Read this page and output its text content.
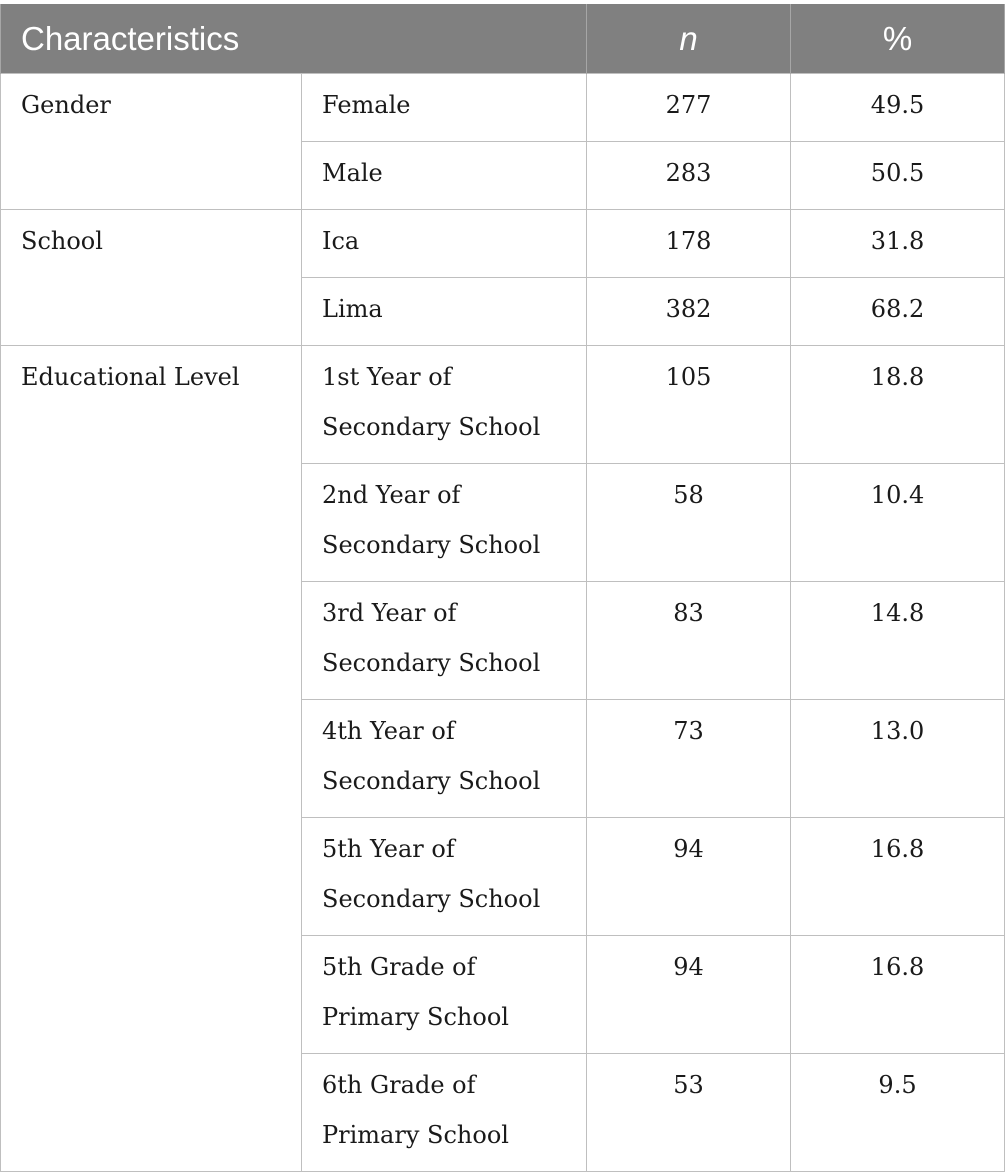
Characteristics		n	%
Gender	Female	277	49.5
	Male	283	50.5
School	Ica	178	31.8
	Lima	382	68.2
Educational Level	1st Year of Secondary School	105	18.8
	2nd Year of Secondary School	58	10.4
	3rd Year of Secondary School	83	14.8
	4th Year of Secondary School	73	13.0
	5th Year of Secondary School	94	16.8
	5th Grade of Primary School	94	16.8
	6th Grade of Primary School	53	9.5
